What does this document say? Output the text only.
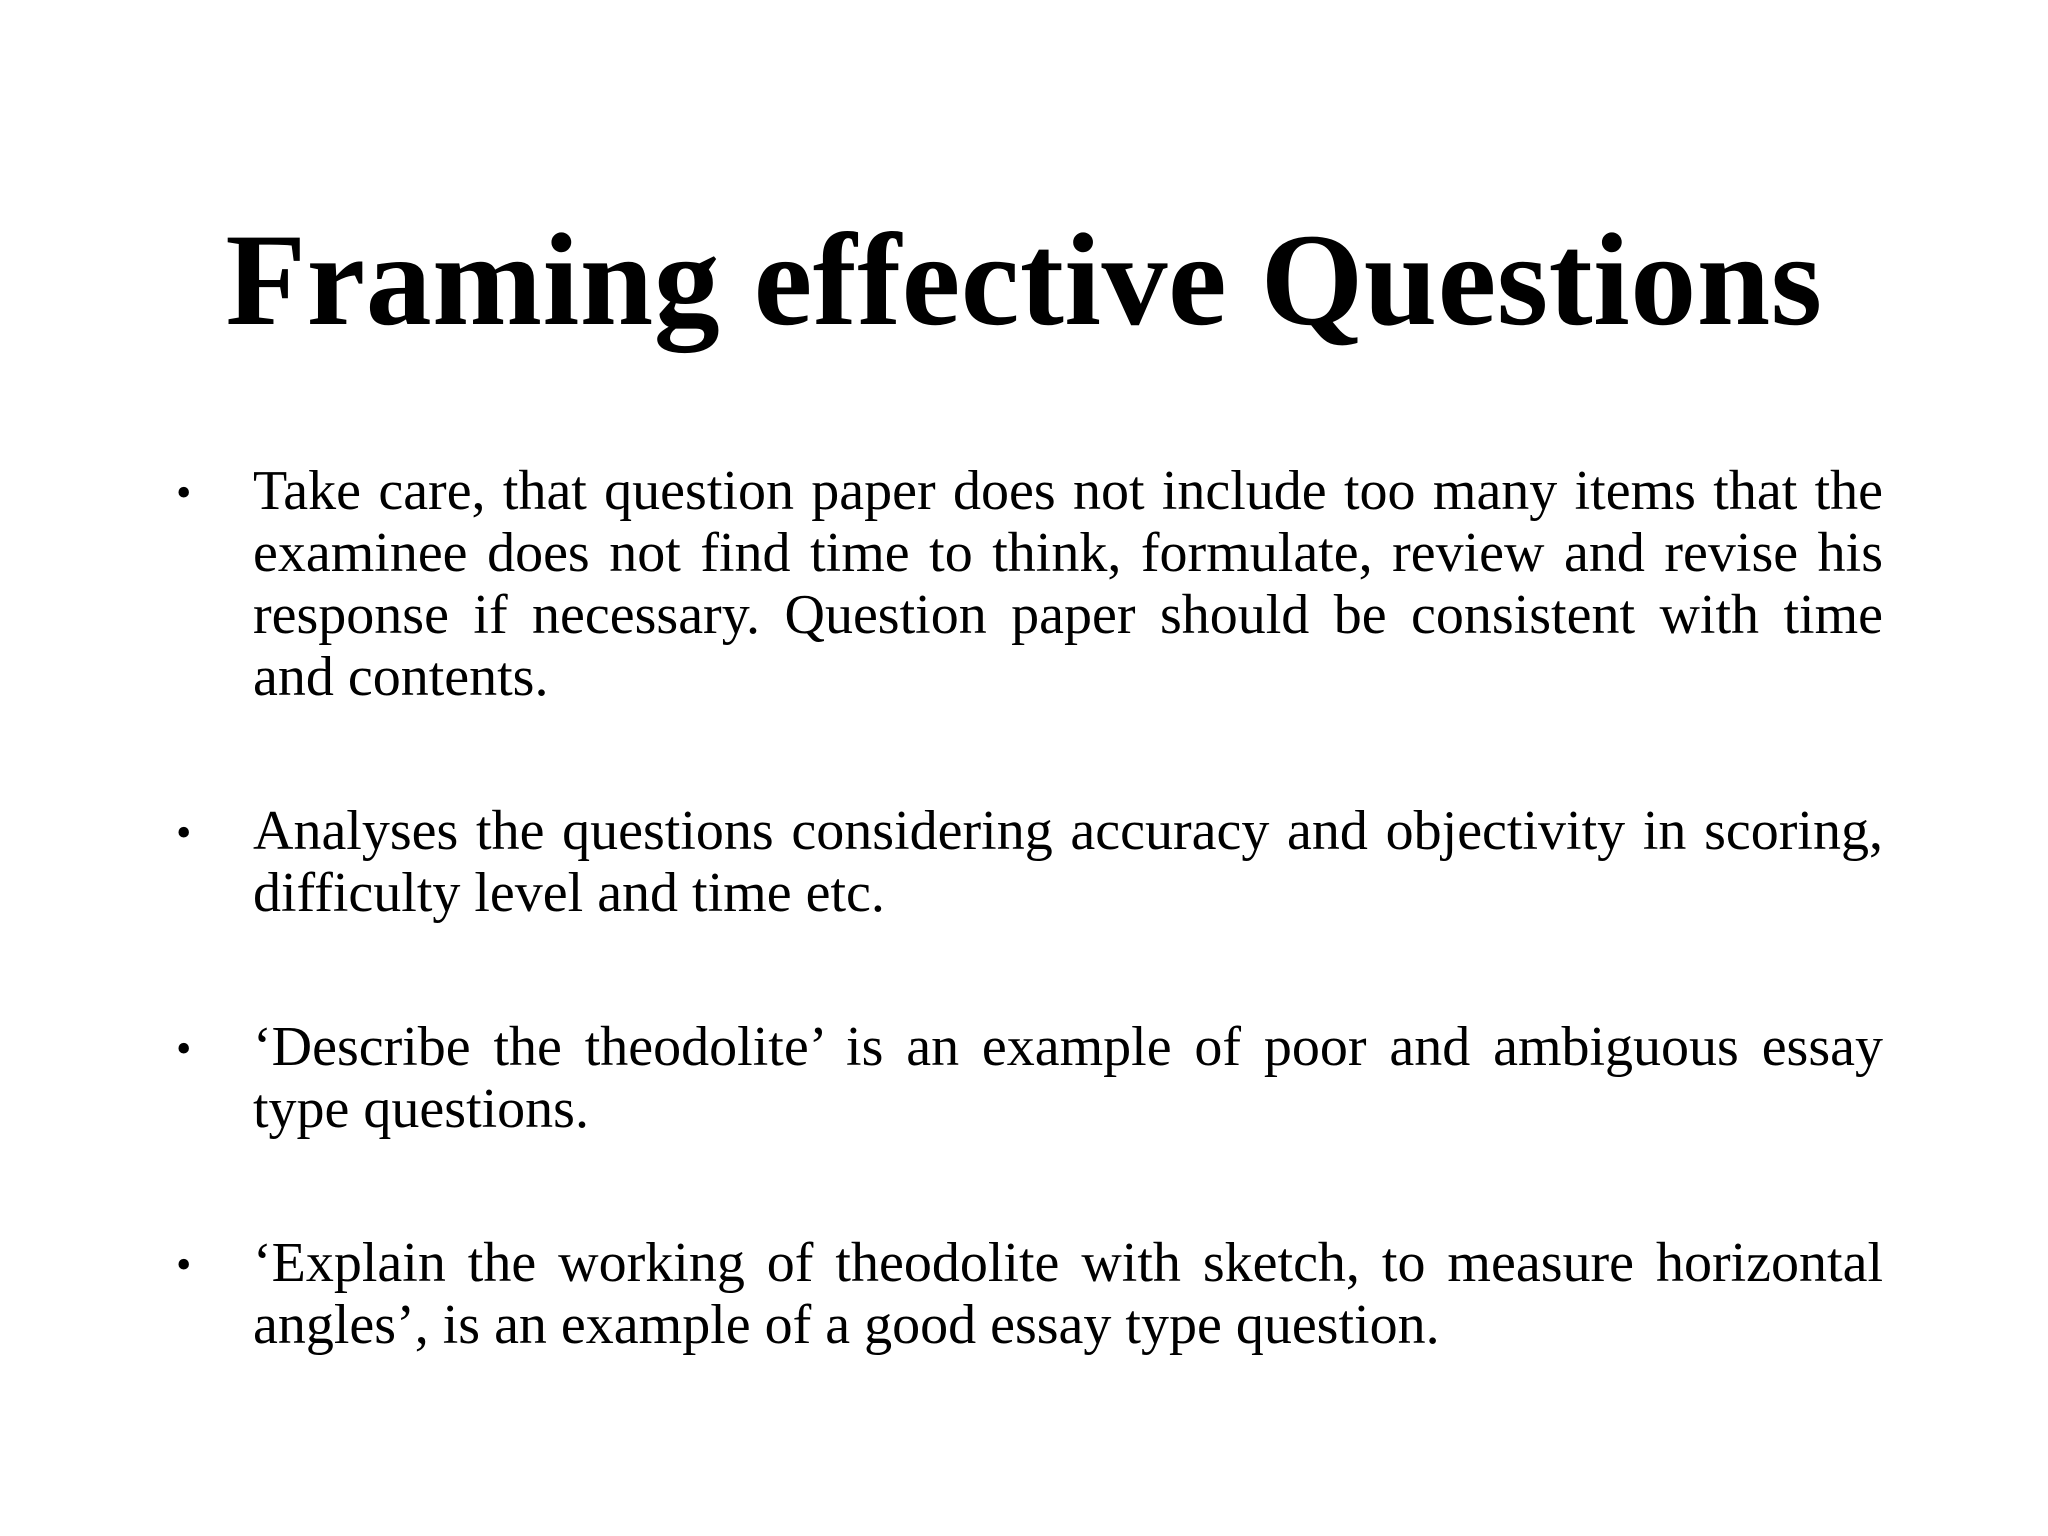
Framing effective Questions
• Take care, that question paper does not include too many items that the examinee does not find time to think, formulate, review and revise his response if necessary. Question paper should be consistent with time and contents.

• Analyses the questions considering accuracy and objectivity in scoring, difficulty level and time etc.

• ‘Describe the theodolite’ is an example of poor and ambiguous essay type questions.

• ‘Explain the working of theodolite with sketch, to measure horizontal angles’, is an example of a good essay type question.
